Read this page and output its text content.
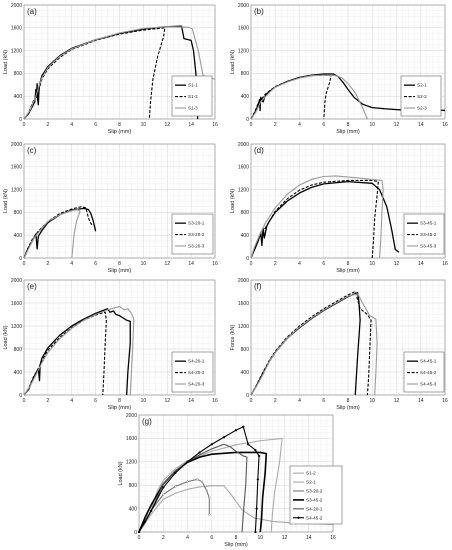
0	2	4	6	8	10	12	14	16
0
400
800
1200
1600
2000
Slip (mm)
Load (kN)
(a)
S1-1
S1-2
S1-3
0	2	4	6	8	10	12	14	16
0
400
800
1200
1600
2000
Slip (mm)
Load (kN)
(b)
S2-1
S2-2
S2-3
0	2	4	6	8	10	12	14	16
0
400
800
1200
1600
2000
Slip (mm)
Load (kN)
(c)
S3-20-1
S3-20-2
S3-20-3
0	2	4	6	8	10	12	14	16
0
400
800
1200
1600
2000
Slip (mm)
Load (kN)
(d)
S3-45-1
S3-45-2
S3-45-3
0	2	4	6	8	10	12	14	16
0
400
800
1200
1600
2000
Slip (mm)
Load (kN)
(e)
S4-20-1
S4-20-2
S4-20-3
0	2	4	6	8	10	12	14	16
0
400
800
1200
1600
2000
Slip (mm)
Force (kN)
(f)
S4-45-1
S4-45-2
S4-45-3
0	2	4	6	8	10	12	14	16
0
400
800
1200
1600
2000
Slip (mm)
Load (kN)
(g)
S1-2
S2-1
S3-20-2
S3-45-2
S4-20-1
S4-45-2
